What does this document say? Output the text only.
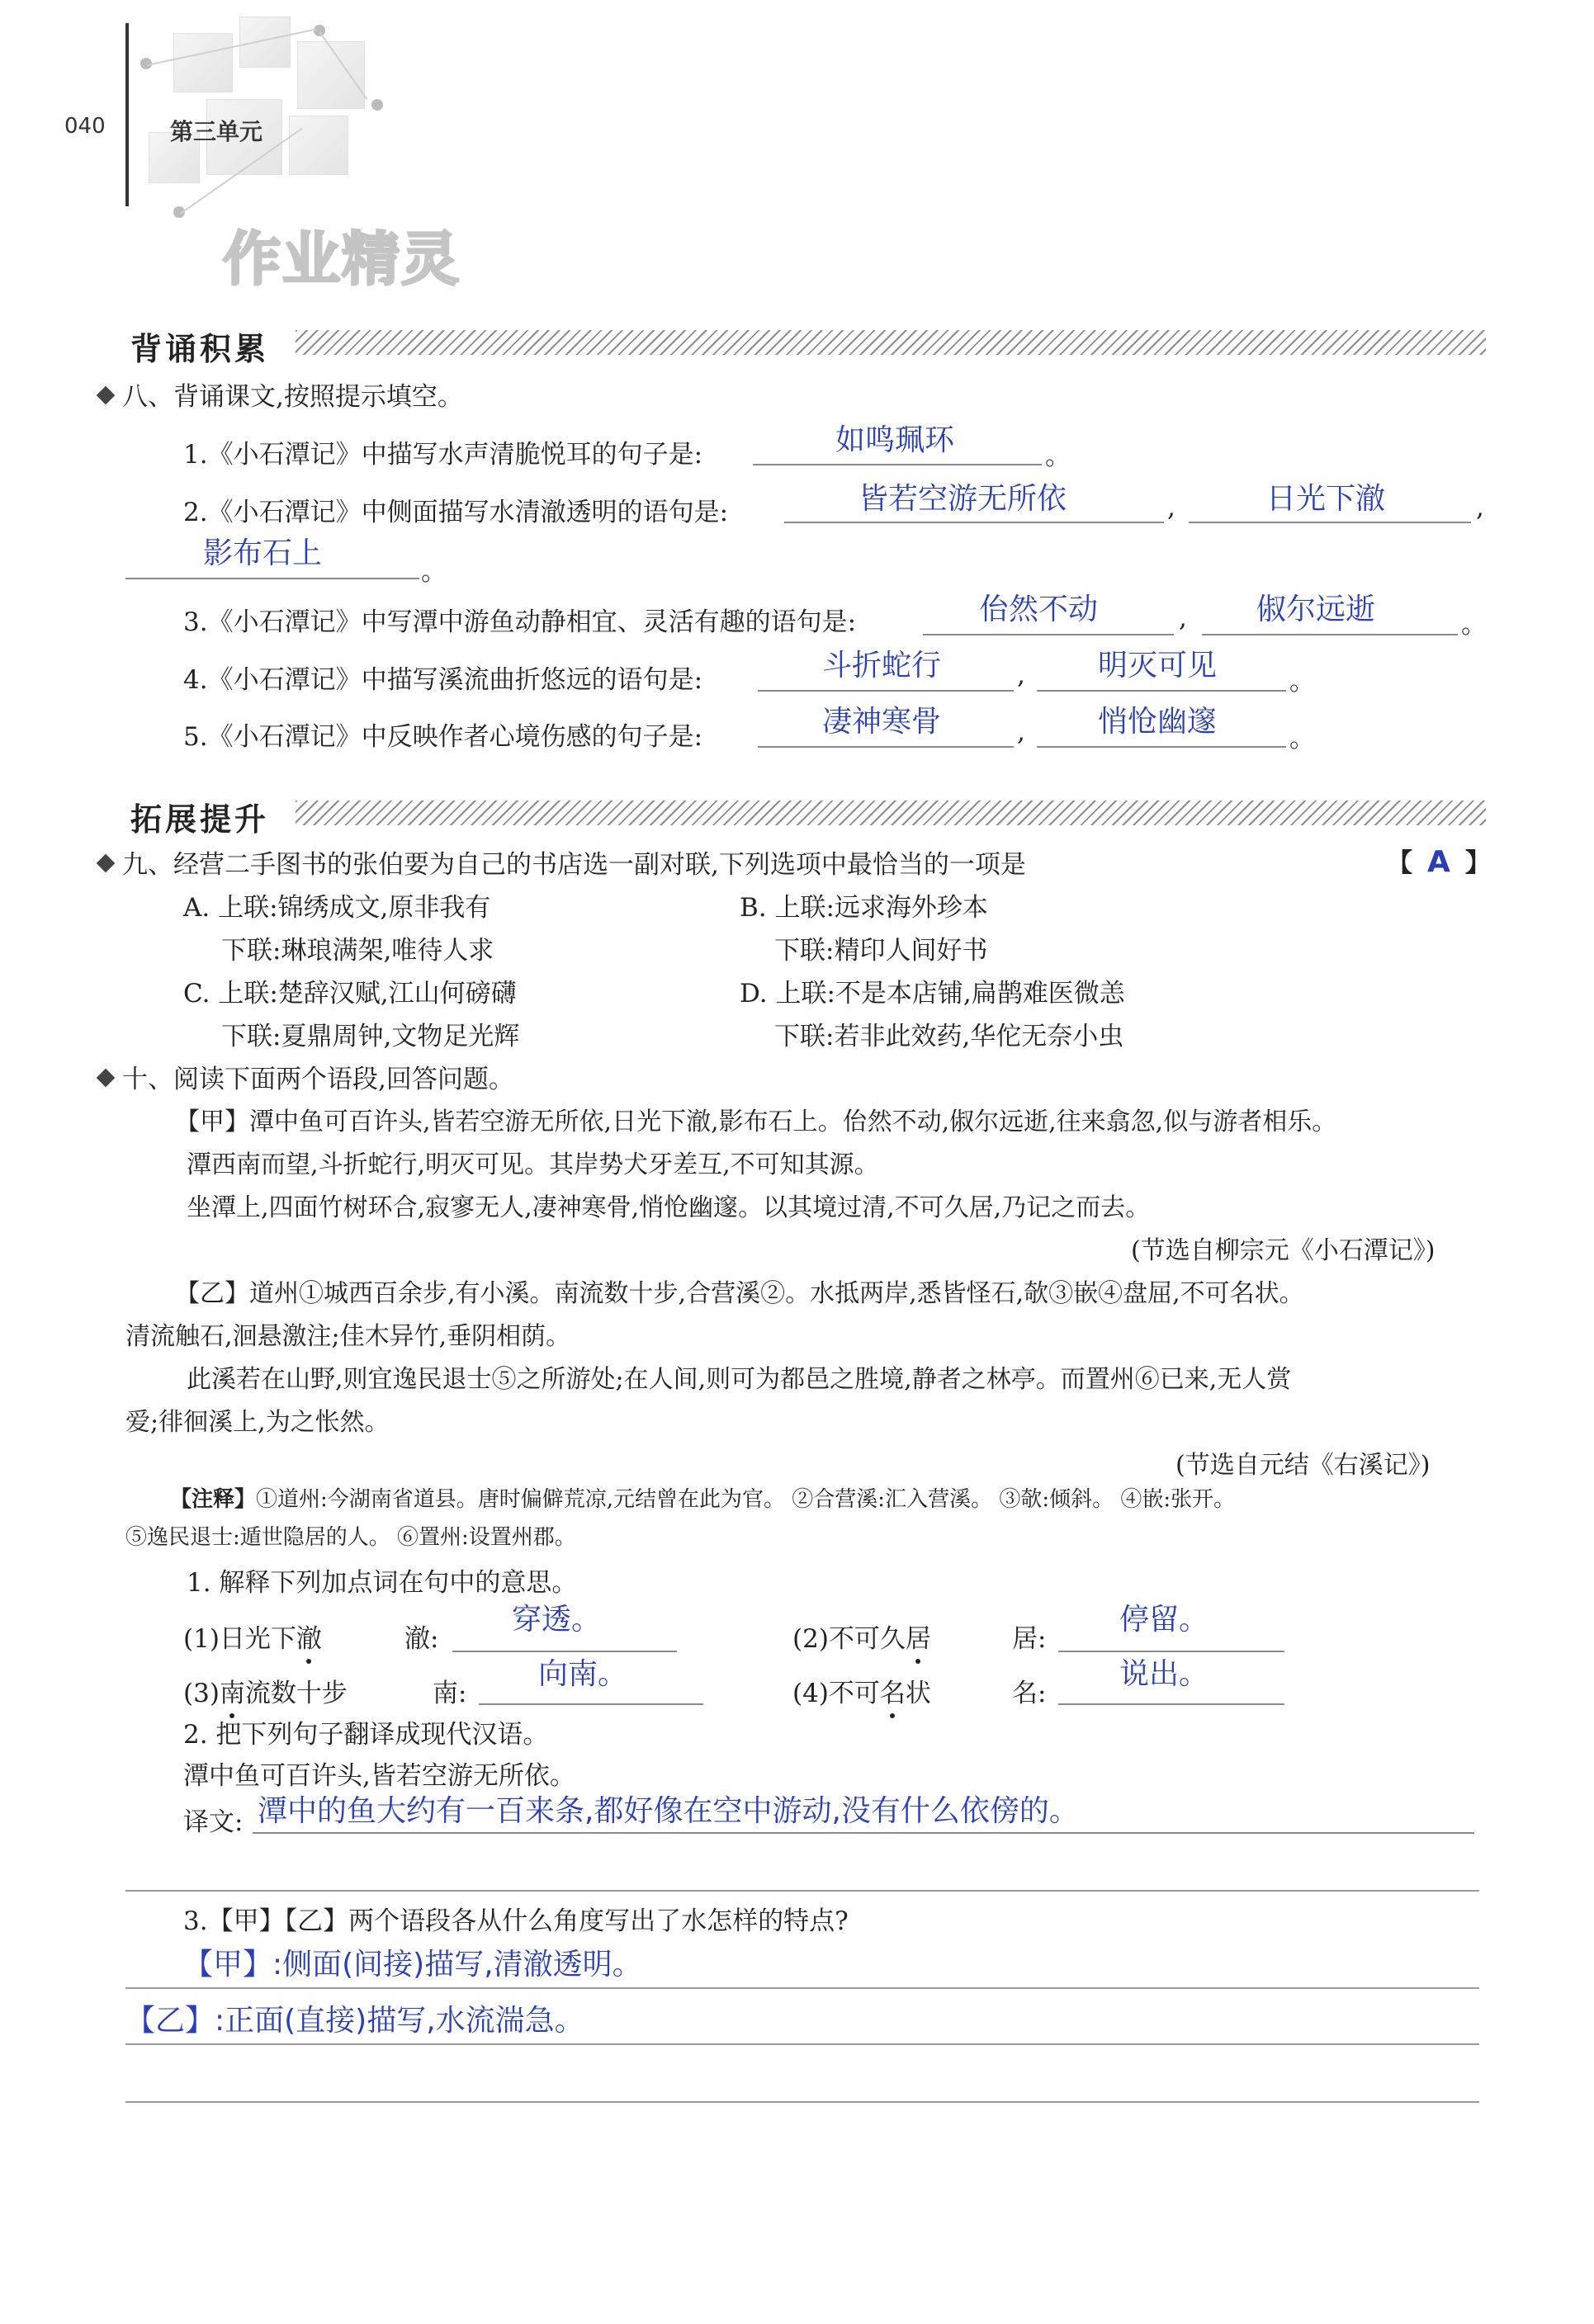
040	第三单元
作业精灵
背诵积累
八、背诵课文,按照提示填空。
1.《小石潭记》中描写水声清脆悦耳的句子是:	如鸣珮环	。
2.《小石潭记》中侧面描写水清澈透明的语句是:	皆若空游无所依	,	日光下澈	,
影布石上
。
3.《小石潭记》中写潭中游鱼动静相宜、灵活有趣的语句是:	佁然不动	, 俶尔远逝	。
4.《小石潭记》中描写溪流曲折悠远的语句是:	斗折蛇行	, 明灭可见	。
5.《小石潭记》中反映作者心境伤感的句子是:	凄神寒骨	, 悄怆幽邃	。
拓展提升
九、经营二手图书的张伯要为自己的书店选一副对联,下列选项中最恰当的一项是	【 A 】
A. 上联:锦绣成文,原非我有
下联:琳琅满架,唯待人求
B. 上联:远求海外珍本
下联:精印人间好书
C. 上联:楚辞汉赋,江山何磅礴
下联:夏鼎周钟,文物足光辉
D. 上联:不是本店铺,扁鹊难医微恙
下联:若非此效药,华佗无奈小虫
十、阅读下面两个语段,回答问题。
【甲】潭中鱼可百许头,皆若空游无所依,日光下澈,影布石上。佁然不动,俶尔远逝,往来翕忽,似与游者相乐。
潭西南而望,斗折蛇行,明灭可见。其岸势犬牙差互,不可知其源。
坐潭上,四面竹树环合,寂寥无人,凄神寒骨,悄怆幽邃。以其境过清,不可久居,乃记之而去。
(节选自柳宗元《小石潭记》)
【乙】道州①城西百余步,有小溪。南流数十步,合营溪②。水抵两岸,悉皆怪石,欹③嵌④盘屈,不可名状。
清流触石,洄悬激注;佳木异竹,垂阴相荫。
此溪若在山野,则宜逸民退士⑤之所游处;在人间,则可为都邑之胜境,静者之林亭。而置州⑥已来,无人赏
爱;徘徊溪上,为之怅然。
(节选自元结《右溪记》)
【注释】①道州:今湖南省道县。唐时偏僻荒凉,元结曾在此为官。 ②合营溪:汇入营溪。 ③欹:倾斜。 ④嵌:张开。
⑤逸民退士:遁世隐居的人。 ⑥置州:设置州郡。
1. 解释下列加点词在句中的意思。
(1)日光下澈	澈:
穿透。
(2)不可久居	居:
停留。
(3)南流数十步	南:
向南。
(4)不可名状	名:
说出。
2. 把下列句子翻译成现代汉语。
潭中鱼可百许头,皆若空游无所依。
译文: 潭中的鱼大约有一百来条,都好像在空中游动,没有什么依傍的。
3.【甲】【乙】两个语段各从什么角度写出了水怎样的特点?
【甲】:侧面(间接)描写,清澈透明。
【乙】:正面(直接)描写,水流湍急。
